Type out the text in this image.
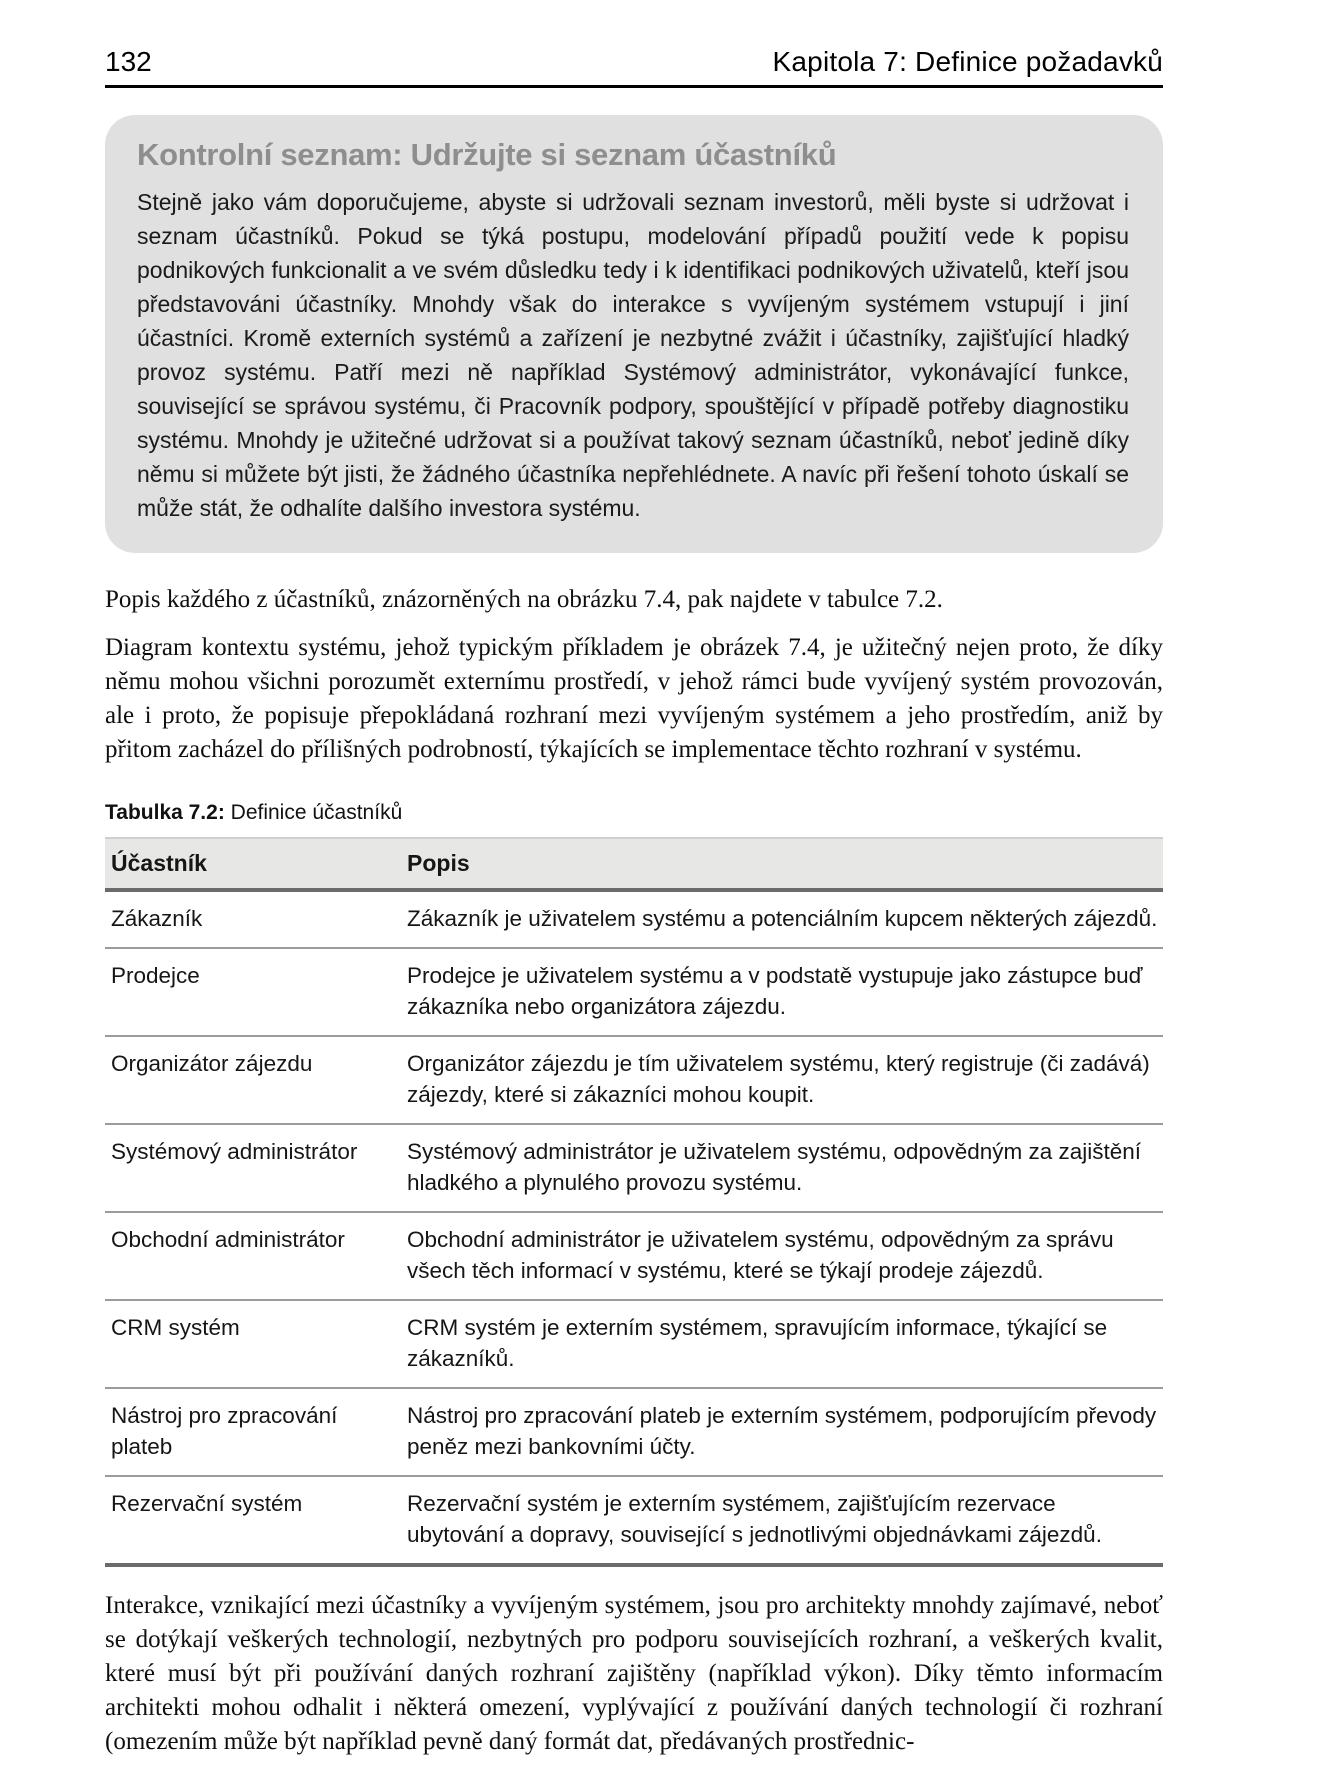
132	Kapitola 7: Definice požadavků
Kontrolní seznam: Udržujte si seznam účastníků

Stejně jako vám doporučujeme, abyste si udržovali seznam investorů, měli byste si udržovat i seznam účastníků. Pokud se týká postupu, modelování případů použití vede k popisu podnikových funkcionalit a ve svém důsledku tedy i k identifikaci podnikových uživatelů, kteří jsou představováni účastníky. Mnohdy však do interakce s vyvíjeným systémem vstupují i jiní účastníci. Kromě externích systémů a zařízení je nezbytné zvážit i účastníky, zajišťující hladký provoz systému. Patří mezi ně například Systémový administrátor, vykonávající funkce, související se správou systému, či Pracovník podpory, spouštějící v případě potřeby diagnostiku systému. Mnohdy je užitečné udržovat si a používat takový seznam účastníků, neboť jedině díky němu si můžete být jisti, že žádného účastníka nepřehlédnete. A navíc při řešení tohoto úskalí se může stát, že odhalíte dalšího investora systému.

Popis každého z účastníků, znázorněných na obrázku 7.4, pak najdete v tabulce 7.2.

Diagram kontextu systému, jehož typickým příkladem je obrázek 7.4, je užitečný nejen proto, že díky němu mohou všichni porozumět externímu prostředí, v jehož rámci bude vyvíjený systém provozován, ale i proto, že popisuje přepokládaná rozhraní mezi vyvíjeným systémem a jeho prostředím, aniž by přitom zacházel do přílišných podrobností, týkajících se implementace těchto rozhraní v systému.

Tabulka 7.2: Definice účastníků
Účastník	Popis
Zákazník	Zákazník je uživatelem systému a potenciálním kupcem některých zájezdů.
Prodejce	Prodejce je uživatelem systému a v podstatě vystupuje jako zástupce buď zákazníka nebo organizátora zájezdu.
Organizátor zájezdu	Organizátor zájezdu je tím uživatelem systému, který registruje (či zadává) zájezdy, které si zákazníci mohou koupit.
Systémový administrátor	Systémový administrátor je uživatelem systému, odpovědným za zajištění hladkého a plynulého provozu systému.
Obchodní administrátor	Obchodní administrátor je uživatelem systému, odpovědným za správu všech těch informací v systému, které se týkají prodeje zájezdů.
CRM systém	CRM systém je externím systémem, spravujícím informace, týkající se zákazníků.
Nástroj pro zpracování plateb	Nástroj pro zpracování plateb je externím systémem, podporujícím převody peněz mezi bankovními účty.
Rezervační systém	Rezervační systém je externím systémem, zajišťujícím rezervace ubytování a dopravy, související s jednotlivými objednávkami zájezdů.

Interakce, vznikající mezi účastníky a vyvíjeným systémem, jsou pro architekty mnohdy zajímavé, neboť se dotýkají veškerých technologií, nezbytných pro podporu souvisejících rozhraní, a veškerých kvalit, které musí být při používání daných rozhraní zajištěny (například výkon). Díky těmto informacím architekti mohou odhalit i některá omezení, vyplývající z používání daných technologií či rozhraní (omezením může být například pevně daný formát dat, předávaných prostřednic-
